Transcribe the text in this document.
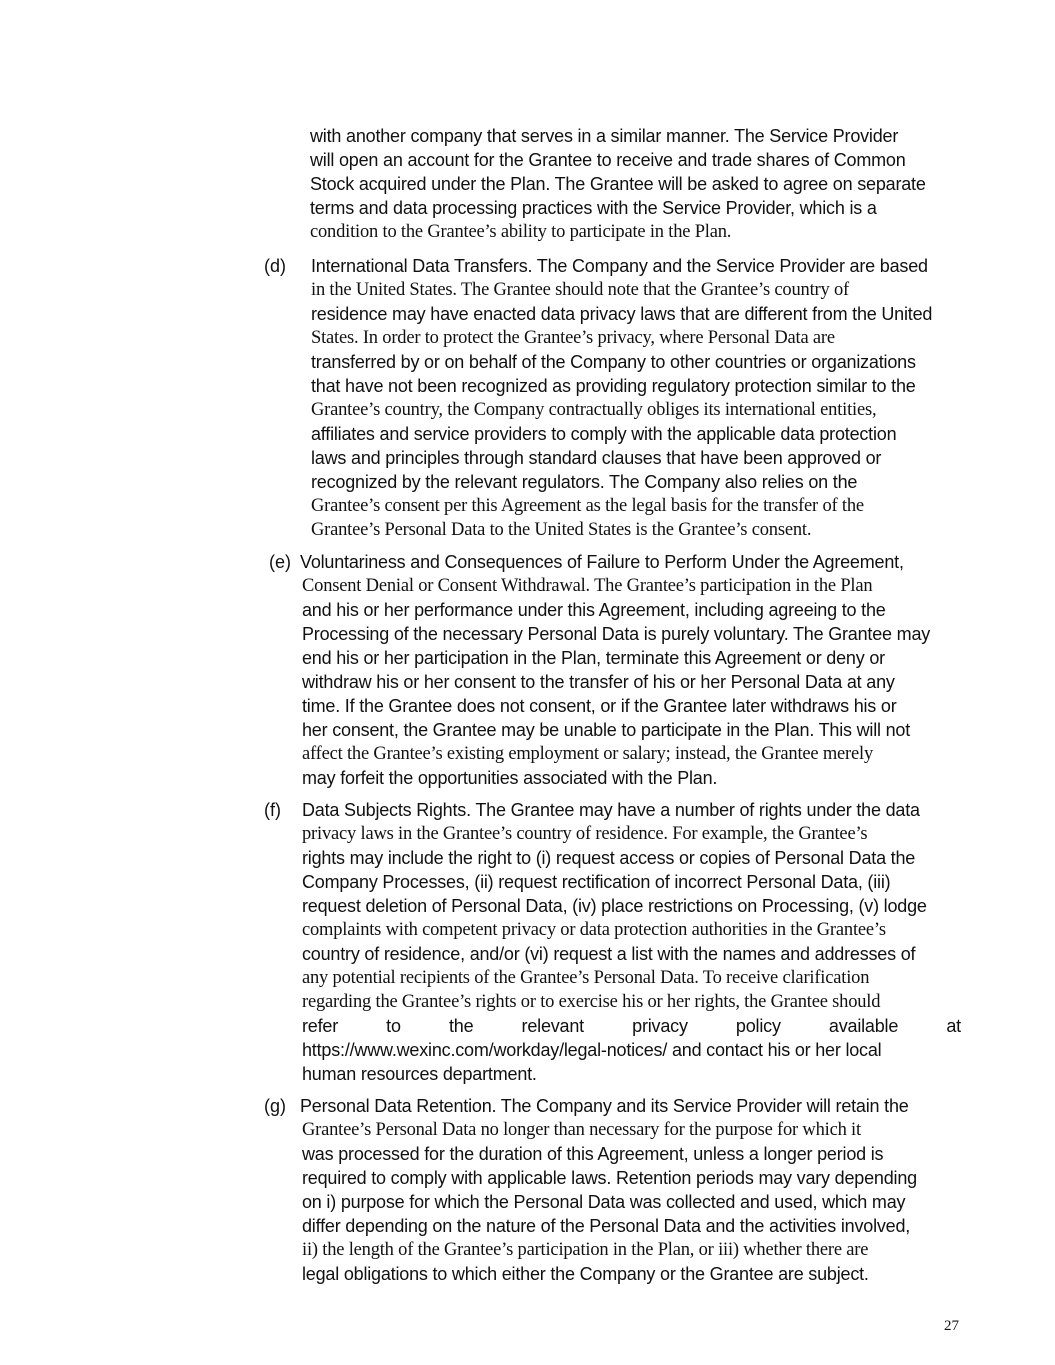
with another company that serves in a similar manner. The Service Provider
will open an account for the Grantee to receive and trade shares of Common
Stock acquired under the Plan. The Grantee will be asked to agree on separate
terms and data processing practices with the Service Provider, which is a
condition to the Grantee’s ability to participate in the Plan.
(d) International Data Transfers. The Company and the Service Provider are based
in the United States. The Grantee should note that the Grantee’s country of
residence may have enacted data privacy laws that are different from the United
States. In order to protect the Grantee’s privacy, where Personal Data are
transferred by or on behalf of the Company to other countries or organizations
that have not been recognized as providing regulatory protection similar to the
Grantee’s country, the Company contractually obliges its international entities,
affiliates and service providers to comply with the applicable data protection
laws and principles through standard clauses that have been approved or
recognized by the relevant regulators. The Company also relies on the
Grantee’s consent per this Agreement as the legal basis for the transfer of the
Grantee’s Personal Data to the United States is the Grantee’s consent.
(e) Voluntariness and Consequences of Failure to Perform Under the Agreement,
Consent Denial or Consent Withdrawal. The Grantee’s participation in the Plan
and his or her performance under this Agreement, including agreeing to the
Processing of the necessary Personal Data is purely voluntary. The Grantee may
end his or her participation in the Plan, terminate this Agreement or deny or
withdraw his or her consent to the transfer of his or her Personal Data at any
time. If the Grantee does not consent, or if the Grantee later withdraws his or
her consent, the Grantee may be unable to participate in the Plan. This will not
affect the Grantee’s existing employment or salary; instead, the Grantee merely
may forfeit the opportunities associated with the Plan.
(f) Data Subjects Rights. The Grantee may have a number of rights under the data
privacy laws in the Grantee’s country of residence. For example, the Grantee’s
rights may include the right to (i) request access or copies of Personal Data the
Company Processes, (ii) request rectification of incorrect Personal Data, (iii)
request deletion of Personal Data, (iv) place restrictions on Processing, (v) lodge
complaints with competent privacy or data protection authorities in the Grantee’s
country of residence, and/or (vi) request a list with the names and addresses of
any potential recipients of the Grantee’s Personal Data. To receive clarification
regarding the Grantee’s rights or to exercise his or her rights, the Grantee should
refer	to	the	relevant	privacy	policy	available	at
https://www.wexinc.com/workday/legal-notices/ and contact his or her local
human resources department.
(g) Personal Data Retention. The Company and its Service Provider will retain the
Grantee’s Personal Data no longer than necessary for the purpose for which it
was processed for the duration of this Agreement, unless a longer period is
required to comply with applicable laws. Retention periods may vary depending
on i) purpose for which the Personal Data was collected and used, which may
differ depending on the nature of the Personal Data and the activities involved,
ii) the length of the Grantee’s participation in the Plan, or iii) whether there are
legal obligations to which either the Company or the Grantee are subject.
27
